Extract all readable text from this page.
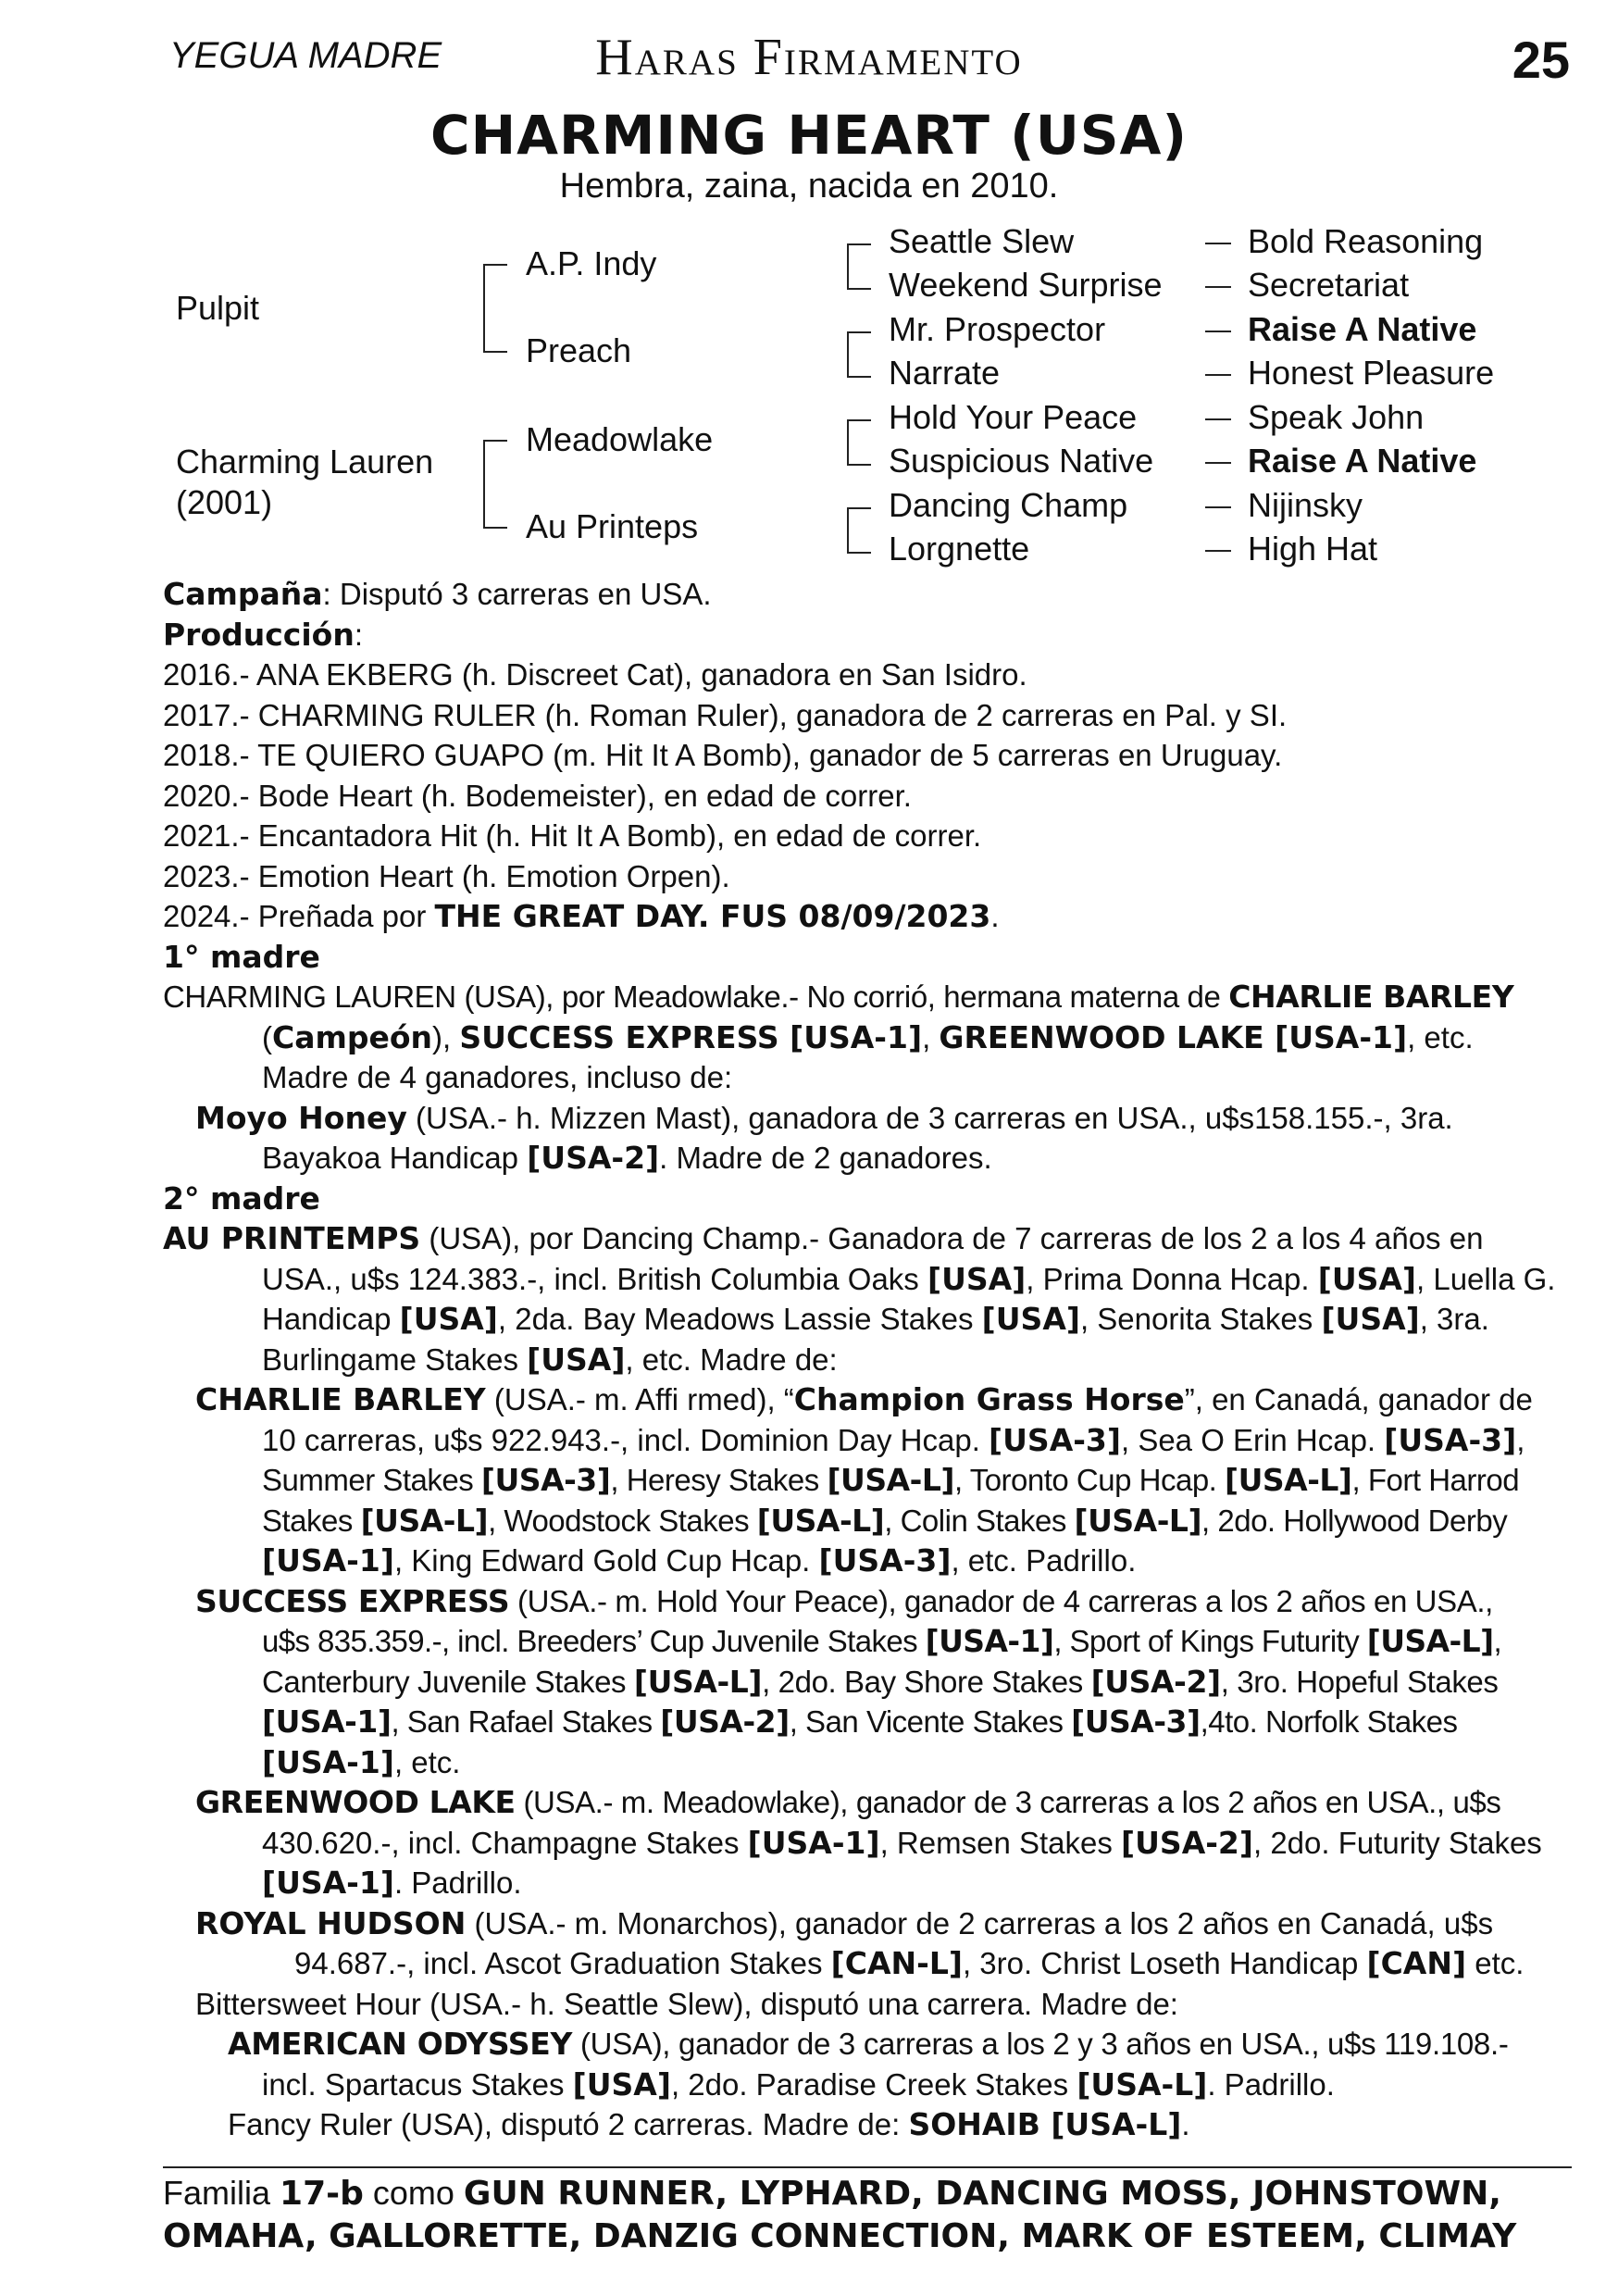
YEGUA MADRE	Haras Firmamento	25
CHARMING HEART (USA)
Hembra, zaina, nacida en 2010.
Pulpit
Charming Lauren
(2001)
A.P. Indy
Preach
Meadowlake
Au Printeps
Seattle Slew
Weekend Surprise
Mr. Prospector
Narrate
Hold Your Peace
Suspicious Native
Dancing Champ
Lorgnette
Bold Reasoning
Secretariat
Raise A Native
Honest Pleasure
Speak John
Raise A Native
Nijinsky
High Hat
Campaña: Disputó 3 carreras en USA.
Producción:
2016.- ANA EKBERG (h. Discreet Cat), ganadora en San Isidro.
2017.- CHARMING RULER (h. Roman Ruler), ganadora de 2 carreras en Pal. y SI.
2018.- TE QUIERO GUAPO (m. Hit It A Bomb), ganador de 5 carreras en Uruguay.
2020.- Bode Heart (h. Bodemeister), en edad de correr.
2021.- Encantadora Hit (h. Hit It A Bomb), en edad de correr.
2023.- Emotion Heart (h. Emotion Orpen).
2024.- Preñada por THE GREAT DAY. FUS 08/09/2023.
1° madre
CHARMING LAUREN (USA), por Meadowlake.- No corrió, hermana materna de CHARLIE BARLEY
(Campeón), SUCCESS EXPRESS [USA-1], GREENWOOD LAKE [USA-1], etc.
Madre de 4 ganadores, incluso de:
Moyo Honey (USA.- h. Mizzen Mast), ganadora de 3 carreras en USA., u$s158.155.-, 3ra.
Bayakoa Handicap [USA-2]. Madre de 2 ganadores.
2° madre
AU PRINTEMPS (USA), por Dancing Champ.- Ganadora de 7 carreras de los 2 a los 4 años en
USA., u$s 124.383.-, incl. British Columbia Oaks [USA], Prima Donna Hcap. [USA], Luella G.
Handicap [USA], 2da. Bay Meadows Lassie Stakes [USA], Senorita Stakes [USA], 3ra.
Burlingame Stakes [USA], etc. Madre de:
CHARLIE BARLEY (USA.- m. Affi rmed), “Champion Grass Horse”, en Canadá, ganador de
10 carreras, u$s 922.943.-, incl. Dominion Day Hcap. [USA-3], Sea O Erin Hcap. [USA-3],
Summer Stakes [USA-3], Heresy Stakes [USA-L], Toronto Cup Hcap. [USA-L], Fort Harrod
Stakes [USA-L], Woodstock Stakes [USA-L], Colin Stakes [USA-L], 2do. Hollywood Derby
[USA-1], King Edward Gold Cup Hcap. [USA-3], etc. Padrillo.
SUCCESS EXPRESS (USA.- m. Hold Your Peace), ganador de 4 carreras a los 2 años en USA.,
u$s 835.359.-, incl. Breeders’ Cup Juvenile Stakes [USA-1], Sport of Kings Futurity [USA-L],
Canterbury Juvenile Stakes [USA-L], 2do. Bay Shore Stakes [USA-2], 3ro. Hopeful Stakes
[USA-1], San Rafael Stakes [USA-2], San Vicente Stakes [USA-3],4to. Norfolk Stakes
[USA-1], etc.
GREENWOOD LAKE (USA.- m. Meadowlake), ganador de 3 carreras a los 2 años en USA., u$s
430.620.-, incl. Champagne Stakes [USA-1], Remsen Stakes [USA-2], 2do. Futurity Stakes
[USA-1]. Padrillo.
ROYAL HUDSON (USA.- m. Monarchos), ganador de 2 carreras a los 2 años en Canadá, u$s
94.687.-, incl. Ascot Graduation Stakes [CAN-L], 3ro. Christ Loseth Handicap [CAN] etc.
Bittersweet Hour (USA.- h. Seattle Slew), disputó una carrera. Madre de:
AMERICAN ODYSSEY (USA), ganador de 3 carreras a los 2 y 3 años en USA., u$s 119.108.-
incl. Spartacus Stakes [USA], 2do. Paradise Creek Stakes [USA-L]. Padrillo.
Fancy Ruler (USA), disputó 2 carreras. Madre de: SOHAIB [USA-L].
Familia 17-b como GUN RUNNER, LYPHARD, DANCING MOSS, JOHNSTOWN,
OMAHA, GALLORETTE, DANZIG CONNECTION, MARK OF ESTEEM, CLIMAY
